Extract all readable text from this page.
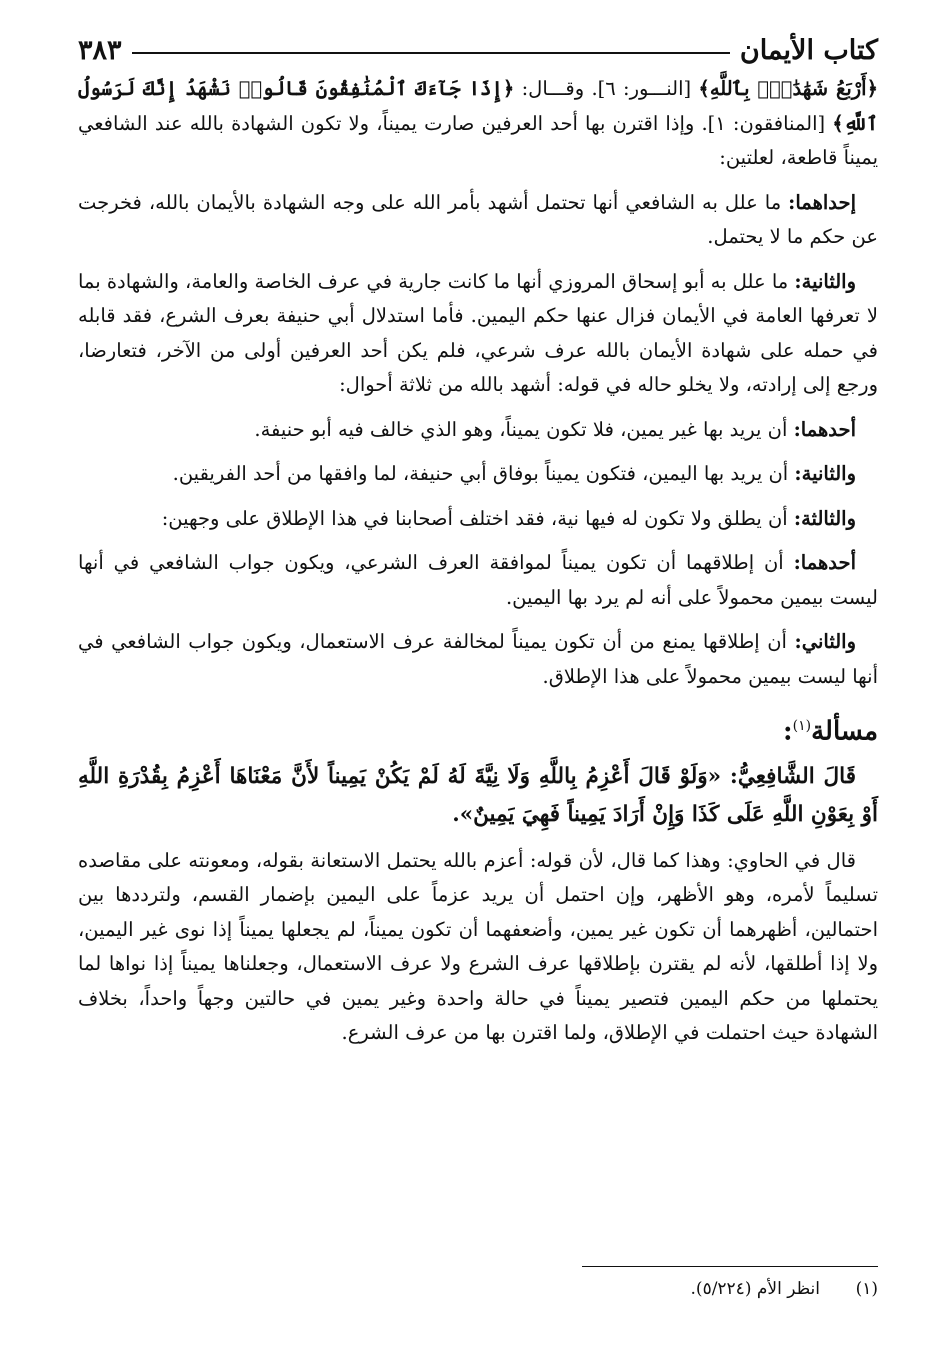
كتاب الأيمان
٣٨٣

﴿أَرْبَعُ شَهَٰدَٰتٍۭ بِٱللَّهِ﴾ [النـــور: ٦]. وقـــال: ﴿إِذَا جَآءَكَ ٱلْمُنَٰفِقُونَ قَالُوا۟ نَشْهَدُ إِنَّكَ لَرَسُولُ ٱللَّهِ﴾ [المنافقون: ١]. وإذا اقترن بها أحد العرفين صارت يميناً، ولا تكون الشهادة بالله عند الشافعي يميناً قاطعة، لعلتين:

إحداهما: ما علل به الشافعي أنها تحتمل أشهد بأمر الله على وجه الشهادة بالأيمان بالله، فخرجت عن حكم ما لا يحتمل.

والثانية: ما علل به أبو إسحاق المروزي أنها ما كانت جارية في عرف الخاصة والعامة، والشهادة بما لا تعرفها العامة في الأيمان فزال عنها حكم اليمين. فأما استدلال أبي حنيفة بعرف الشرع، فقد قابله في حمله على شهادة الأيمان بالله عرف شرعي، فلم يكن أحد العرفين أولى من الآخر، فتعارضا، ورجع إلى إرادته، ولا يخلو حاله في قوله: أشهد بالله من ثلاثة أحوال:

أحدهما: أن يريد بها غير يمين، فلا تكون يميناً، وهو الذي خالف فيه أبو حنيفة.

والثانية: أن يريد بها اليمين، فتكون يميناً بوفاق أبي حنيفة، لما وافقها من أحد الفريقين.

والثالثة: أن يطلق ولا تكون له فيها نية، فقد اختلف أصحابنا في هذا الإطلاق على وجهين:

أحدهما: أن إطلاقهما أن تكون يميناً لموافقة العرف الشرعي، ويكون جواب الشافعي في أنها ليست بيمين محمولاً على أنه لم يرد بها اليمين.

والثاني: أن إطلاقها يمنع من أن تكون يميناً لمخالفة عرف الاستعمال، ويكون جواب الشافعي في أنها ليست بيمين محمولاً على هذا الإطلاق.

مسألة$^{(١)}$:

قَالَ الشَّافِعِيُّ: «وَلَوْ قَالَ أَعْزِمُ بِاللَّهِ وَلَا نِيَّةَ لَهُ لَمْ يَكُنْ يَمِيناً لأَنَّ مَعْنَاهَا أَعْزِمُ بِقُدْرَةِ اللَّهِ أَوْ بِعَوْنِ اللَّهِ عَلَى كَذَا وَإِنْ أَرَادَ يَمِيناً فَهِيَ يَمِينٌ».

قال في الحاوي: وهذا كما قال، لأن قوله: أعزم بالله يحتمل الاستعانة بقوله، ومعونته على مقاصده تسليماً لأمره، وهو الأظهر، وإن احتمل أن يريد عزماً على اليمين بإضمار القسم، ولترددها بين احتمالين، أظهرهما أن تكون غير يمين، وأضعفهما أن تكون يميناً، لم يجعلها يميناً إذا نوى غير اليمين، ولا إذا أطلقها، لأنه لم يقترن بإطلاقها عرف الشرع ولا عرف الاستعمال، وجعلناها يميناً إذا نواها لما يحتملها من حكم اليمين فتصير يميناً في حالة واحدة وغير يمين في حالتين وجهاً واحداً، بخلاف الشهادة حيث احتملت في الإطلاق، ولما اقترن بها من عرف الشرع.

(١)انظر الأم (٥/٢٢٤).
